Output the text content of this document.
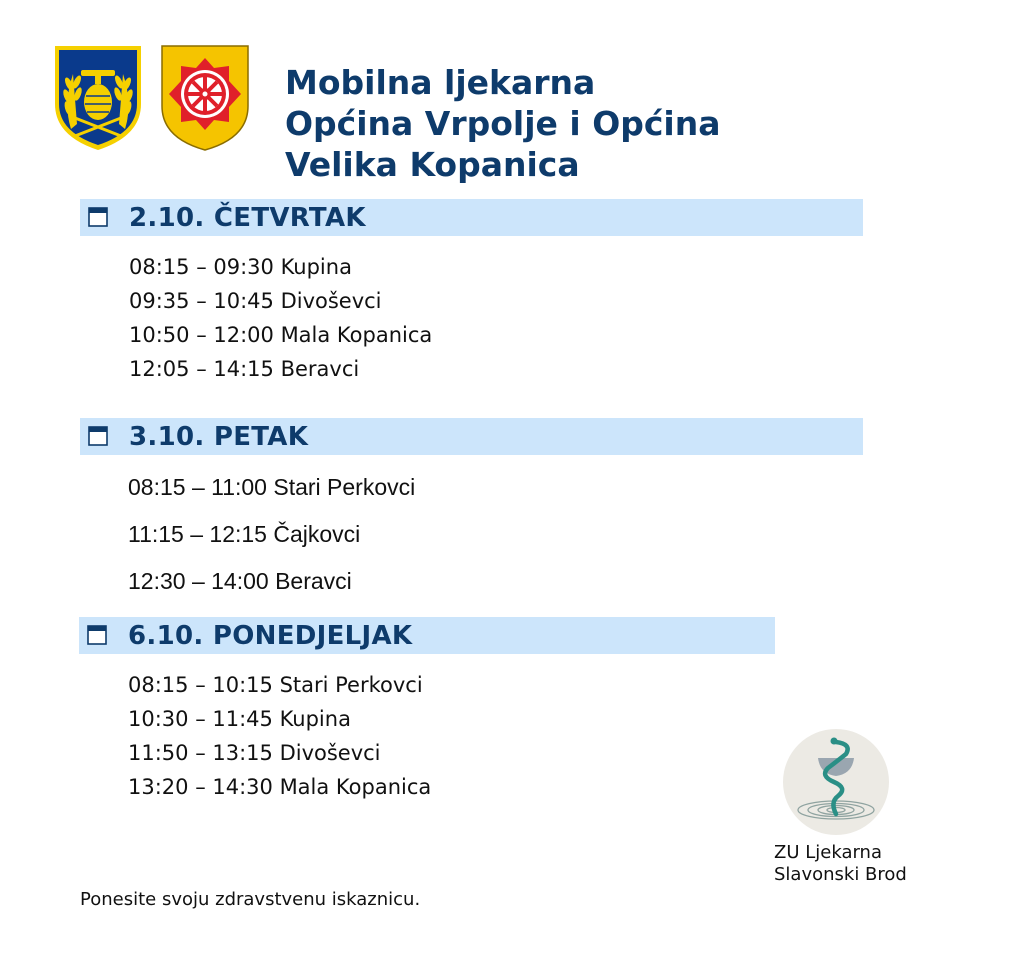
Mobilna ljekarna
Općina Vrpolje i Općina
Velika Kopanica
2.10. ČETVRTAK
08:15 – 09:30 Kupina
09:35 – 10:45 Divoševci
10:50 – 12:00 Mala Kopanica
12:05 – 14:15 Beravci
3.10. PETAK
08:15 – 11:00 Stari Perkovci
11:15 – 12:15 Čajkovci
12:30 – 14:00 Beravci
6.10. PONEDJELJAK
08:15 – 10:15 Stari Perkovci
10:30 – 11:45 Kupina
11:50 – 13:15 Divoševci
13:20 – 14:30 Mala Kopanica
ZU Ljekarna
Slavonski Brod
Ponesite svoju zdravstvenu iskaznicu.
